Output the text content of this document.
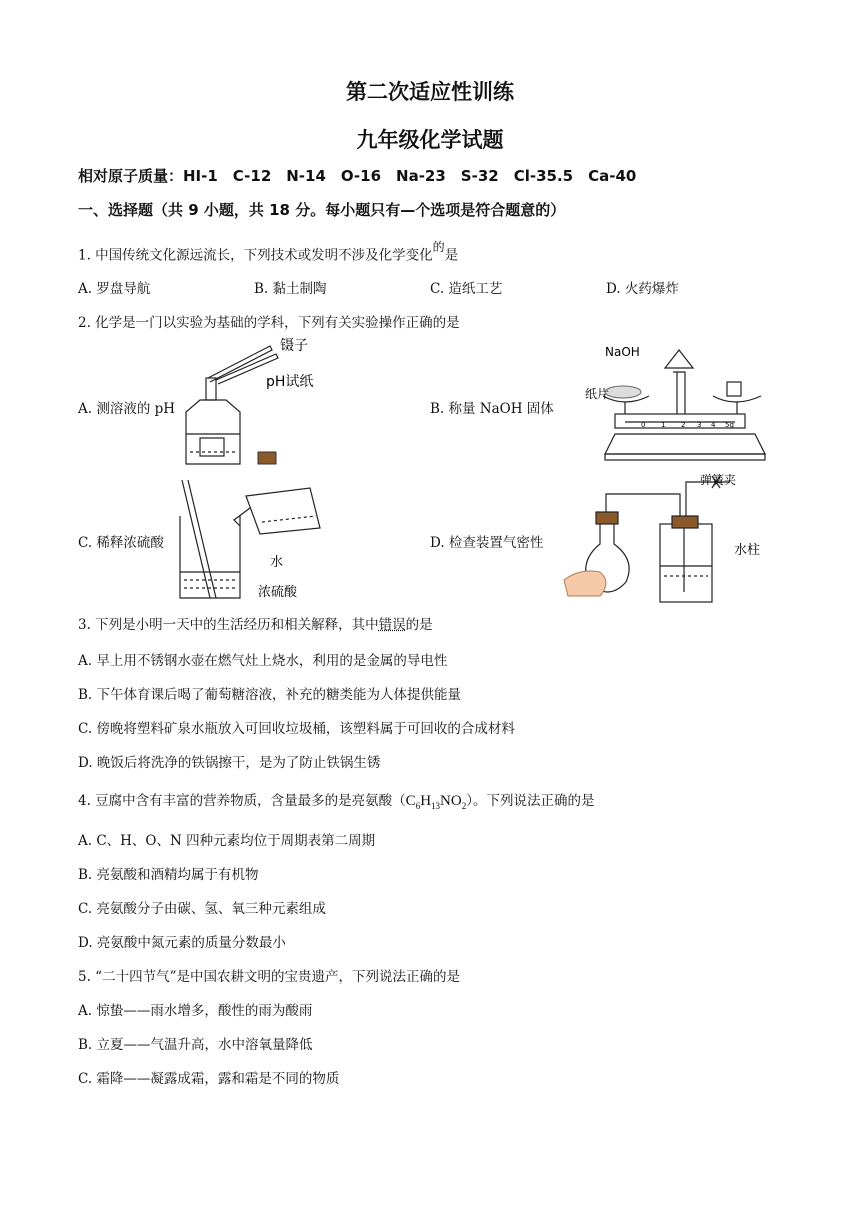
第二次适应性训练
九年级化学试题
相对原子质量：HI-1　C-12　N-14　O-16　Na-23　S-32　Cl-35.5　Ca-40
一、选择题（共 9 小题，共 18 分。每小题只有—个选项是符合题意的）
1. 中国传统文化源远流长，下列技术或发明不涉及化学变化$^的$是
A. 罗盘导航	B. 黏土制陶	C. 造纸工艺	D. 火药爆炸
2. 化学是一门以实验为基础的学科，下列有关实验操作正确的是
A. 测溶液的 pH	B. 称量 NaOH 固体
C. 稀释浓硫酸	D. 检查装置气密性
镊子
pH试纸
NaOH
纸片
0 1 2 3 4 5g
水
浓硫酸
弹簧夹
水柱
3. 下列是小明一天中的生活经历和相关解释，其中错误的是
A. 早上用不锈钢水壶在燃气灶上烧水，利用的是金属的导电性
B. 下午体育课后喝了葡萄糖溶液，补充的糖类能为人体提供能量
C. 傍晚将塑料矿泉水瓶放入可回收垃圾桶，该塑料属于可回收的合成材料
D. 晚饭后将洗净的铁锅擦干，是为了防止铁锅生锈
4. 豆腐中含有丰富的营养物质，含量最多的是亮氨酸$(C_6H_{13}NO_2)$。下列说法正确的是
A. C、H、O、N 四种元素均位于周期表第二周期
B. 亮氨酸和酒精均属于有机物
C. 亮氨酸分子由碳、氢、氧三种元素组成
D. 亮氨酸中氮元素的质量分数最小
5. “二十四节气”是中国农耕文明的宝贵遗产，下列说法正确的是
A. 惊蛰——雨水增多，酸性的雨为酸雨
B. 立夏——气温升高，水中溶氧量降低
C. 霜降——凝露成霜，露和霜是不同的物质
